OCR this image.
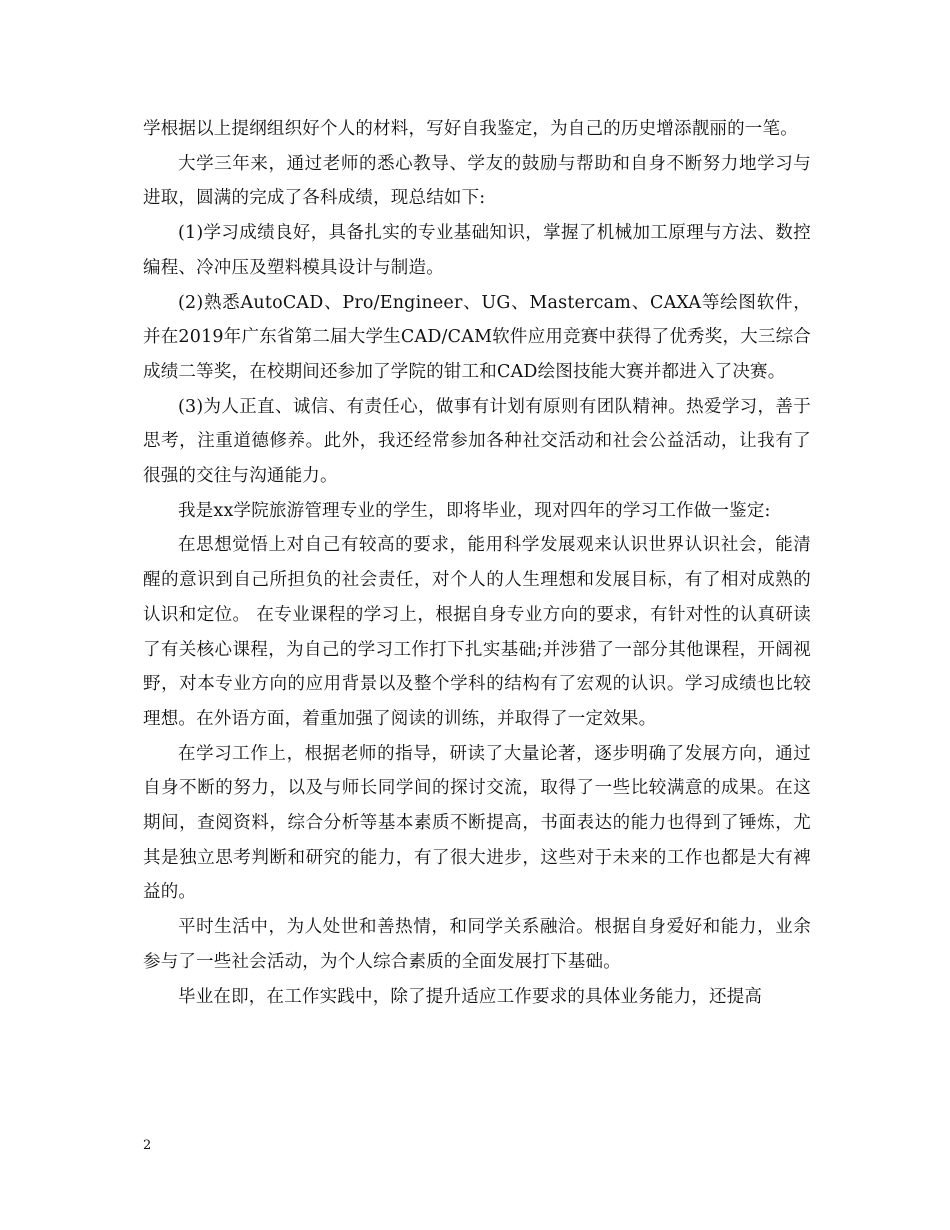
学根据以上提纲组织好个人的材料，写好自我鉴定，为自己的历史增添靓丽的一笔。

大学三年来，通过老师的悉心教导、学友的鼓励与帮助和自身不断努力地学习与进取，圆满的完成了各科成绩，现总结如下:

(1)学习成绩良好，具备扎实的专业基础知识，掌握了机械加工原理与方法、数控编程、冷冲压及塑料模具设计与制造。

(2)熟悉AutoCAD、Pro/Engineer、UG、Mastercam、CAXA等绘图软件，并在2019年广东省第二届大学生CAD/CAM软件应用竞赛中获得了优秀奖，大三综合成绩二等奖，在校期间还参加了学院的钳工和CAD绘图技能大赛并都进入了决赛。

(3)为人正直、诚信、有责任心，做事有计划有原则有团队精神。热爱学习，善于思考，注重道德修养。此外，我还经常参加各种社交活动和社会公益活动，让我有了很强的交往与沟通能力。

我是xx学院旅游管理专业的学生，即将毕业，现对四年的学习工作做一鉴定:

在思想觉悟上对自己有较高的要求，能用科学发展观来认识世界认识社会，能清醒的意识到自己所担负的社会责任，对个人的人生理想和发展目标，有了相对成熟的认识和定位。 在专业课程的学习上，根据自身专业方向的要求，有针对性的认真研读了有关核心课程，为自己的学习工作打下扎实基础;并涉猎了一部分其他课程，开阔视野，对本专业方向的应用背景以及整个学科的结构有了宏观的认识。学习成绩也比较理想。在外语方面，着重加强了阅读的训练，并取得了一定效果。

在学习工作上，根据老师的指导，研读了大量论著，逐步明确了发展方向，通过自身不断的努力，以及与师长同学间的探讨交流，取得了一些比较满意的成果。在这期间，查阅资料，综合分析等基本素质不断提高，书面表达的能力也得到了锤炼，尤其是独立思考判断和研究的能力，有了很大进步，这些对于未来的工作也都是大有裨益的。

平时生活中，为人处世和善热情，和同学关系融洽。根据自身爱好和能力，业余参与了一些社会活动，为个人综合素质的全面发展打下基础。

毕业在即，在工作实践中，除了提升适应工作要求的具体业务能力，还提高

2
